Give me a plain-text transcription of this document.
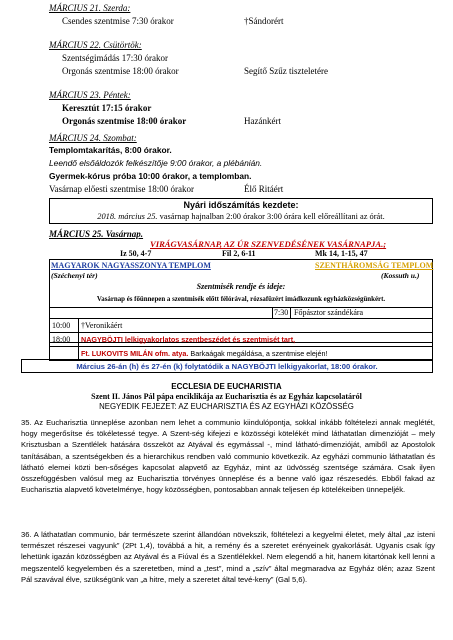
MÁRCIUS 21. Szerda:
Csendes szentmise 7:30 órakor	†Sándorért
MÁRCIUS 22. Csütörtök:
Szentségimádás 17:30 órakor
Orgonás szentmise 18:00 órakor	Segítő Szűz tiszteletére
MÁRCIUS 23. Péntek:
Keresztút 17:15 órakor
Orgonás szentmise 18:00 órakor	Hazánkért
MÁRCIUS 24. Szombat:
Templomtakarítás, 8:00 órakor.
Leendő elsőáldozók felkészítője 9:00 órakor, a plébánián.
Gyermek-kórus próba 10:00 órakor, a templomban.
Vasárnap előesti szentmise 18:00 órakor	Élő Ritáért
Nyári időszámítás kezdete:
2018. március 25. vasárnap hajnalban 2:00 órakor 3:00 órára kell előreállítani az órát.
MÁRCIUS 25. Vasárnap.
VIRÁGVASÁRNAP, AZ ÚR SZENVEDÉSÉNEK VASÁRNAPJA.;
Iz 50, 4-7	Fil 2, 6-11	Mk 14, 1-15, 47
MAGYAROK NAGYASSZONYA TEMPLOM	SZENTHÁROMSÁG TEMPLOM
(Széchenyi tér)	(Kossuth u.)
Szentmisék rendje és ideje:
Vasárnap és főünnepen a szentmisék előtt félórával, rózsafüzért imádkozunk egyházközségünkért.
7:30 Főpásztor szándékára
10:00	†Veronikáért
18:00	NAGYBÖJTI lelkigyakorlatos szentbeszédet és szentmisét tart,
	Ft. LUKOVITS MILÁN ofm. atya. Barkaágak megáldása, a szentmise elején!
Március 26-án (h) és 27-én (k) folytatódik a NAGYBÖJTI lelkigyakorlat, 18:00 órakor.
ECCLESIA DE EUCHARISTIA
Szent II. János Pál pápa enciklikája az Eucharisztia és az Egyház kapcsolatáról
NEGYEDIK FEJEZET: AZ EUCHARISZTIA ÉS AZ EGYHÁZI KÖZÖSSÉG
35. Az Eucharisztia ünneplése azonban nem lehet a communio kiindulópontja, sokkal inkább föltételezi annak meglétét, hogy megerősítse és tökéletessé tegye. A Szent-ség kifejezi e közösségi kötelékét mind láthatatlan dimenzióját – mely Krisztusban a Szentlélek hatására összeköt az Atyával és egymással -, mind látható-dimenzióját, amiből az Apostolok tanításában, a szentségekben és a hierarchikus rendben való communio következik. Az egyházi communio láthatatlan és látható elemei közti ben-sőséges kapcsolat alapvető az Egyház, mint az üdvösség szentsége számára. Csak ilyen összefüggésben valósul meg az Eucharisztia törvényes ünneplése és a benne való igaz részesedés. Ebből fakad az Eucharisztia alapvető követelménye, hogy közösségben, pontosabban annak teljesen ép kötelékeiben ünnepeljék.
36. A láthatatlan communio, bár természete szerint állandóan növekszik, föltételezi a kegyelmi életet, mely által „az isteni természet részesei vagyunk” (2Pt 1,4), továbbá a hit, a remény és a szeretet erényeinek gyakorlását. Ugyanis csak így lehetünk igazán közösségben az Atyával és a Fiúval és a Szentlélekkel. Nem elegendő a hit, hanem kitartónak kell lenni a megszentelő kegyelemben és a szeretetben, mind a „test”, mind a „szív” által megmaradva az Egyház ölén; azaz Szent Pál szavával élve, szükségünk van „a hitre, mely a szeretet által tevé-keny” (Gal 5,6).
